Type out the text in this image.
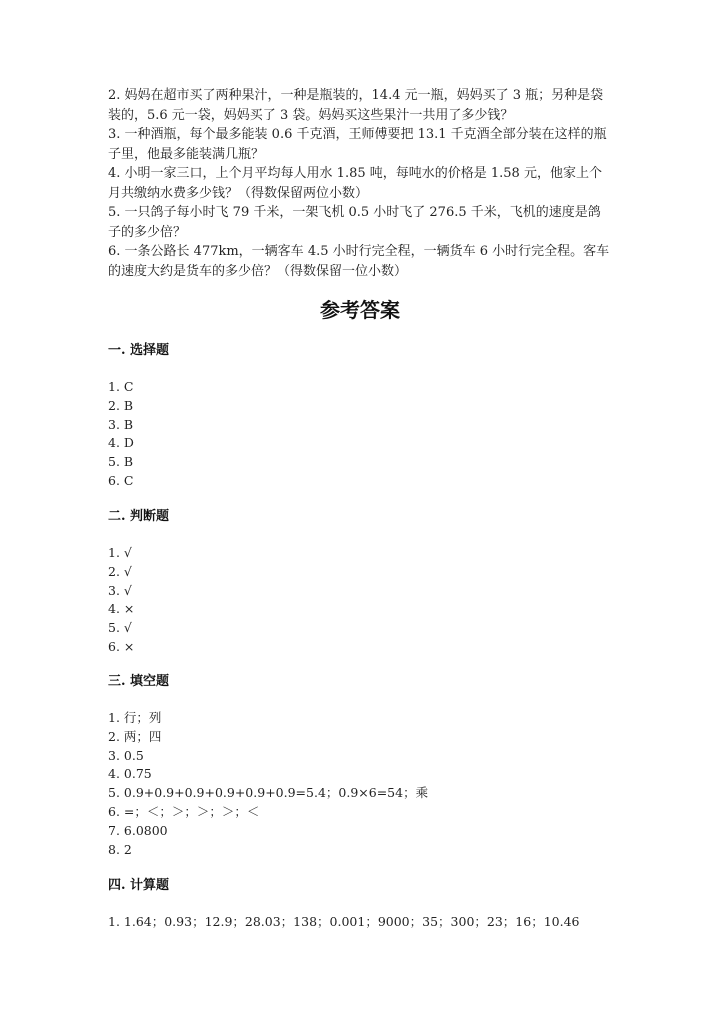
2. 妈妈在超市买了两种果汁，一种是瓶装的，14.4 元一瓶，妈妈买了 3 瓶；另种是袋装的，5.6 元一袋，妈妈买了 3 袋。妈妈买这些果汁一共用了多少钱？

3. 一种酒瓶，每个最多能装 0.6 千克酒，王师傅要把 13.1 千克酒全部分装在这样的瓶子里，他最多能装满几瓶？

4. 小明一家三口，上个月平均每人用水 1.85 吨，每吨水的价格是 1.58 元，他家上个月共缴纳水费多少钱？（得数保留两位小数）

5. 一只鸽子每小时飞 79 千米，一架飞机 0.5 小时飞了 276.5 千米，飞机的速度是鸽子的多少倍？

6. 一条公路长 477km，一辆客车 4.5 小时行完全程，一辆货车 6 小时行完全程。客车的速度大约是货车的多少倍？（得数保留一位小数）

参考答案
一. 选择题
1. C
2. B
3. B
4. D
5. B
6. C
二. 判断题
1. √
2. √
3. √
4. ×
5. √
6. ×
三. 填空题
1. 行；列
2. 两；四
3. 0.5
4. 0.75
5. 0.9+0.9+0.9+0.9+0.9+0.9=5.4；0.9×6=54；乘
6. =；＜；＞；＞；＞；＜
7. 6.0800
8. 2
四. 计算题
1. 1.64；0.93；12.9；28.03；138；0.001；9000；35；300；23；16；10.46
